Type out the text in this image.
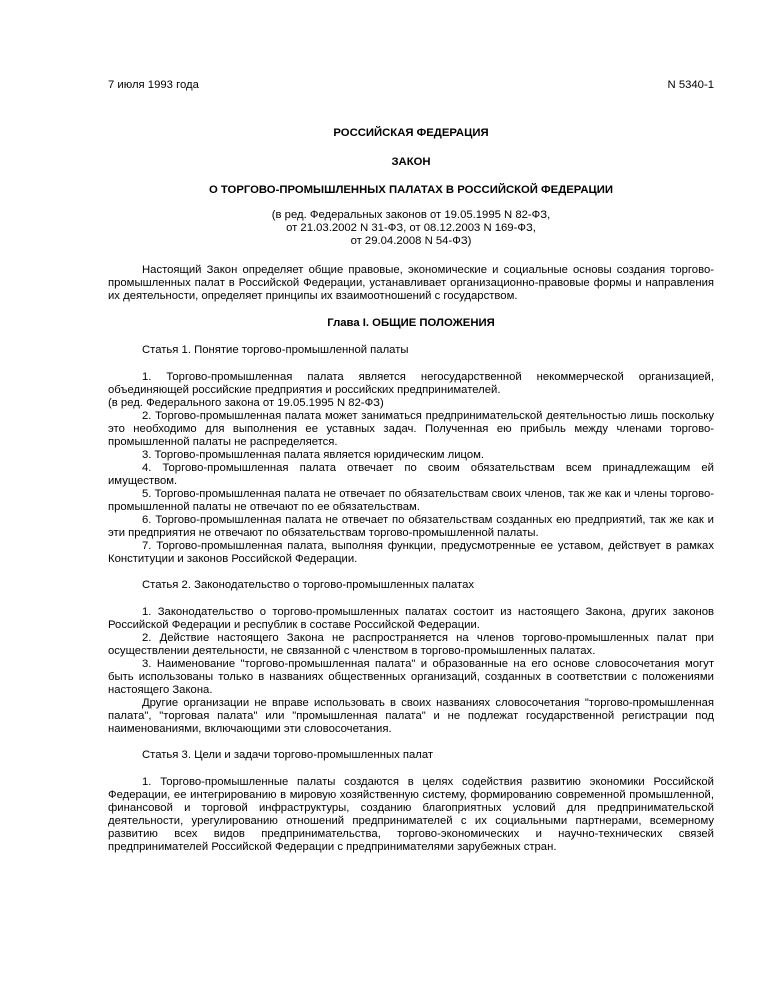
7 июля 1993 года	N 5340-1
РОССИЙСКАЯ ФЕДЕРАЦИЯ
ЗАКОН
О ТОРГОВО-ПРОМЫШЛЕННЫХ ПАЛАТАХ В РОССИЙСКОЙ ФЕДЕРАЦИИ
(в ред. Федеральных законов от 19.05.1995 N 82-ФЗ,
от 21.03.2002 N 31-ФЗ, от 08.12.2003 N 169-ФЗ,
от 29.04.2008 N 54-ФЗ)

Настоящий Закон определяет общие правовые, экономические и социальные основы создания торгово-промышленных палат в Российской Федерации, устанавливает организационно-правовые формы и направления их деятельности, определяет принципы их взаимоотношений с государством.

Глава I. ОБЩИЕ ПОЛОЖЕНИЯ

Статья 1. Понятие торгово-промышленной палаты

1. Торгово-промышленная палата является негосударственной некоммерческой организацией, объединяющей российские предприятия и российских предпринимателей.

(в ред. Федерального закона от 19.05.1995 N 82-ФЗ)

2. Торгово-промышленная палата может заниматься предпринимательской деятельностью лишь поскольку это необходимо для выполнения ее уставных задач. Полученная ею прибыль между членами торгово-промышленной палаты не распределяется.

3. Торгово-промышленная палата является юридическим лицом.

4. Торгово-промышленная палата отвечает по своим обязательствам всем принадлежащим ей имуществом.

5. Торгово-промышленная палата не отвечает по обязательствам своих членов, так же как и члены торгово-промышленной палаты не отвечают по ее обязательствам.

6. Торгово-промышленная палата не отвечает по обязательствам созданных ею предприятий, так же как и эти предприятия не отвечают по обязательствам торгово-промышленной палаты.

7. Торгово-промышленная палата, выполняя функции, предусмотренные ее уставом, действует в рамках Конституции и законов Российской Федерации.

Статья 2. Законодательство о торгово-промышленных палатах

1. Законодательство о торгово-промышленных палатах состоит из настоящего Закона, других законов Российской Федерации и республик в составе Российской Федерации.

2. Действие настоящего Закона не распространяется на членов торгово-промышленных палат при осуществлении деятельности, не связанной с членством в торгово-промышленных палатах.

3. Наименование "торгово-промышленная палата" и образованные на его основе словосочетания могут быть использованы только в названиях общественных организаций, созданных в соответствии с положениями настоящего Закона.

Другие организации не вправе использовать в своих названиях словосочетания "торгово-промышленная палата", "торговая палата" или "промышленная палата" и не подлежат государственной регистрации под наименованиями, включающими эти словосочетания.

Статья 3. Цели и задачи торгово-промышленных палат

1. Торгово-промышленные палаты создаются в целях содействия развитию экономики Российской Федерации, ее интегрированию в мировую хозяйственную систему, формированию современной промышленной, финансовой и торговой инфраструктуры, созданию благоприятных условий для предпринимательской деятельности, урегулированию отношений предпринимателей с их социальными партнерами, всемерному развитию всех видов предпринимательства, торгово-экономических и научно-технических связей предпринимателей Российской Федерации с предпринимателями зарубежных стран.
